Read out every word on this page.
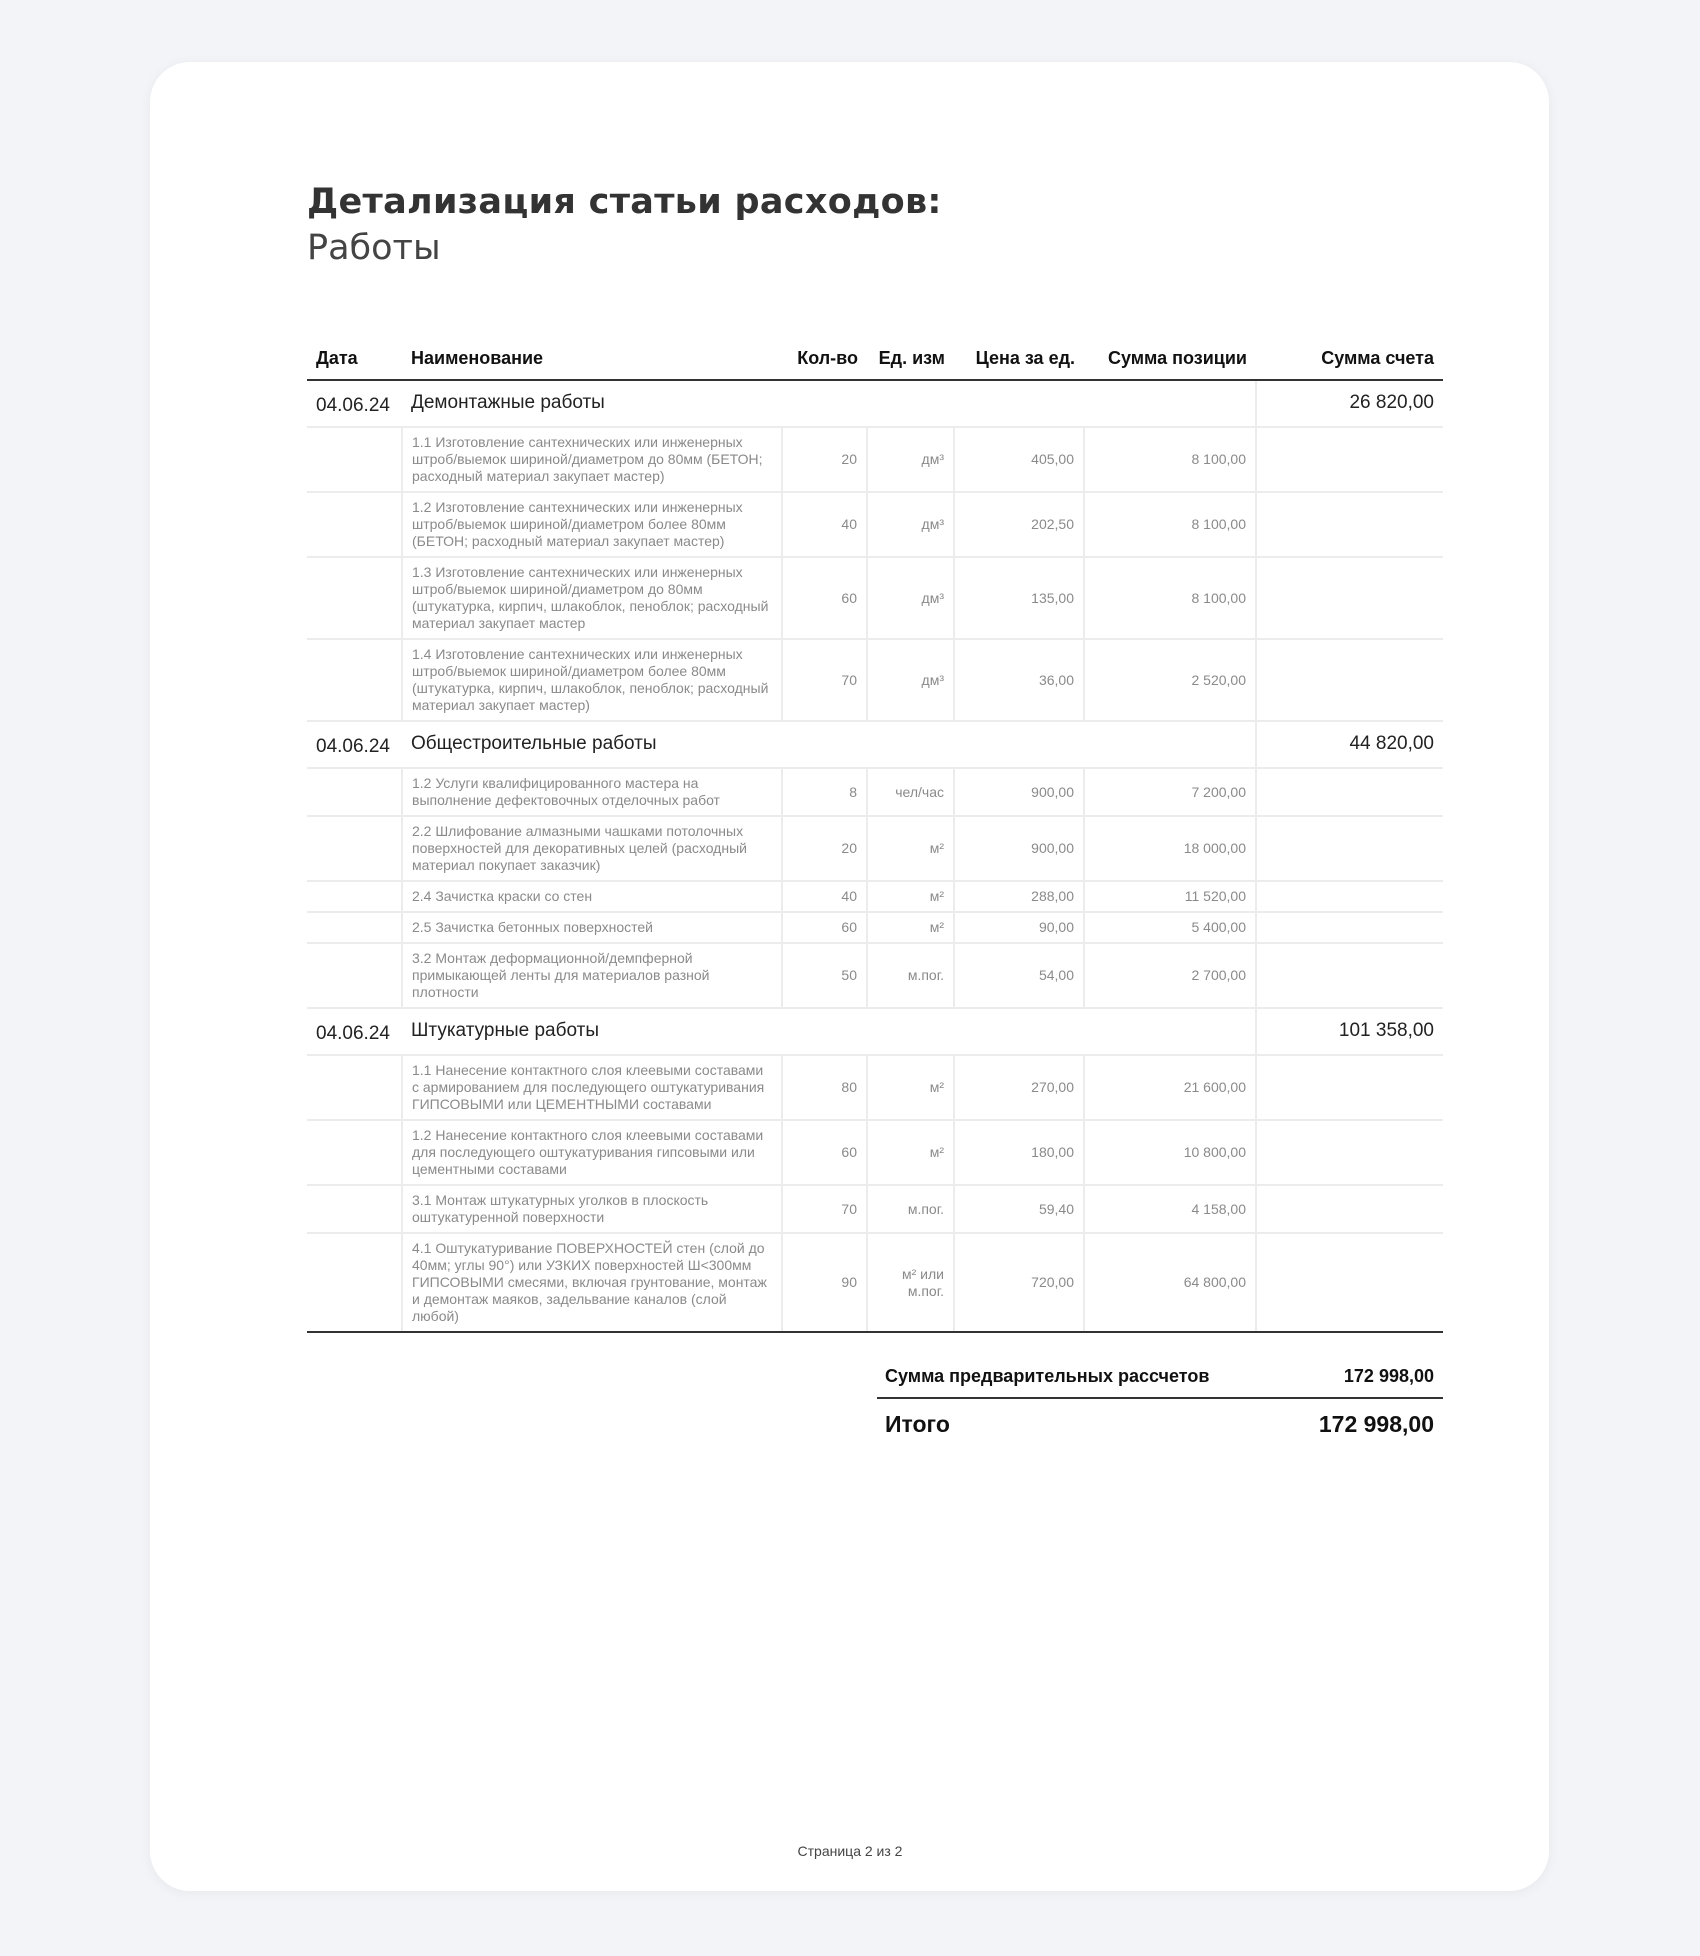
Детализация статьи расходов:
Работы
Дата	Наименование	Кол-во	Ед. изм	Цена за ед.	Сумма позиции	Сумма счета
04.06.24	Демонтажные работы					26 820,00
	1.1 Изготовление сантехнических или инженерных штроб/выемок шириной/диаметром до 80мм (БЕТОН; расходный материал закупает мастер)	20	дм³	405,00	8 100,00	
	1.2 Изготовление сантехнических или инженерных штроб/выемок шириной/диаметром более 80мм (БЕТОН; расходный материал закупает мастер)	40	дм³	202,50	8 100,00	
	1.3 Изготовление сантехнических или инженерных штроб/выемок шириной/диаметром до 80мм (штукатурка, кирпич, шлакоблок, пеноблок; расходный материал закупает мастер	60	дм³	135,00	8 100,00	
	1.4 Изготовление сантехнических или инженерных штроб/выемок шириной/диаметром более 80мм (штукатурка, кирпич, шлакоблок, пеноблок; расходный материал закупает мастер)	70	дм³	36,00	2 520,00	
04.06.24	Общестроительные работы					44 820,00
	1.2 Услуги квалифицированного мастера на выполнение дефектовочных отделочных работ	8	чел/час	900,00	7 200,00	
	2.2 Шлифование алмазными чашками потолочных поверхностей для декоративных целей (расходный материал покупает заказчик)	20	м²	900,00	18 000,00	
	2.4 Зачистка краски со стен	40	м²	288,00	11 520,00	
	2.5 Зачистка бетонных поверхностей	60	м²	90,00	5 400,00	
	3.2 Монтаж деформационной/демпферной примыкающей ленты для материалов разной плотности	50	м.пог.	54,00	2 700,00	
04.06.24	Штукатурные работы					101 358,00
	1.1 Нанесение контактного слоя клеевыми составами с армированием для последующего оштукатуривания ГИПСОВЫМИ или ЦЕМЕНТНЫМИ составами	80	м²	270,00	21 600,00	
	1.2 Нанесение контактного слоя клеевыми составами для последующего оштукатуривания гипсовыми или цементными составами	60	м²	180,00	10 800,00	
	3.1 Монтаж штукатурных уголков в плоскость оштукатуренной поверхности	70	м.пог.	59,40	4 158,00	
	4.1 Оштукатуривание ПОВЕРХНОСТЕЙ стен (слой до 40мм; углы 90°) или УЗКИХ поверхностей Ш<300мм ГИПСОВЫМИ смесями, включая грунтование, монтаж и демонтаж маяков, задельвание каналов (слой любой)	90	м² или м.пог.	720,00	64 800,00	
Сумма предварительных рассчетов	172 998,00
Итого	172 998,00
Страница 2 из 2
